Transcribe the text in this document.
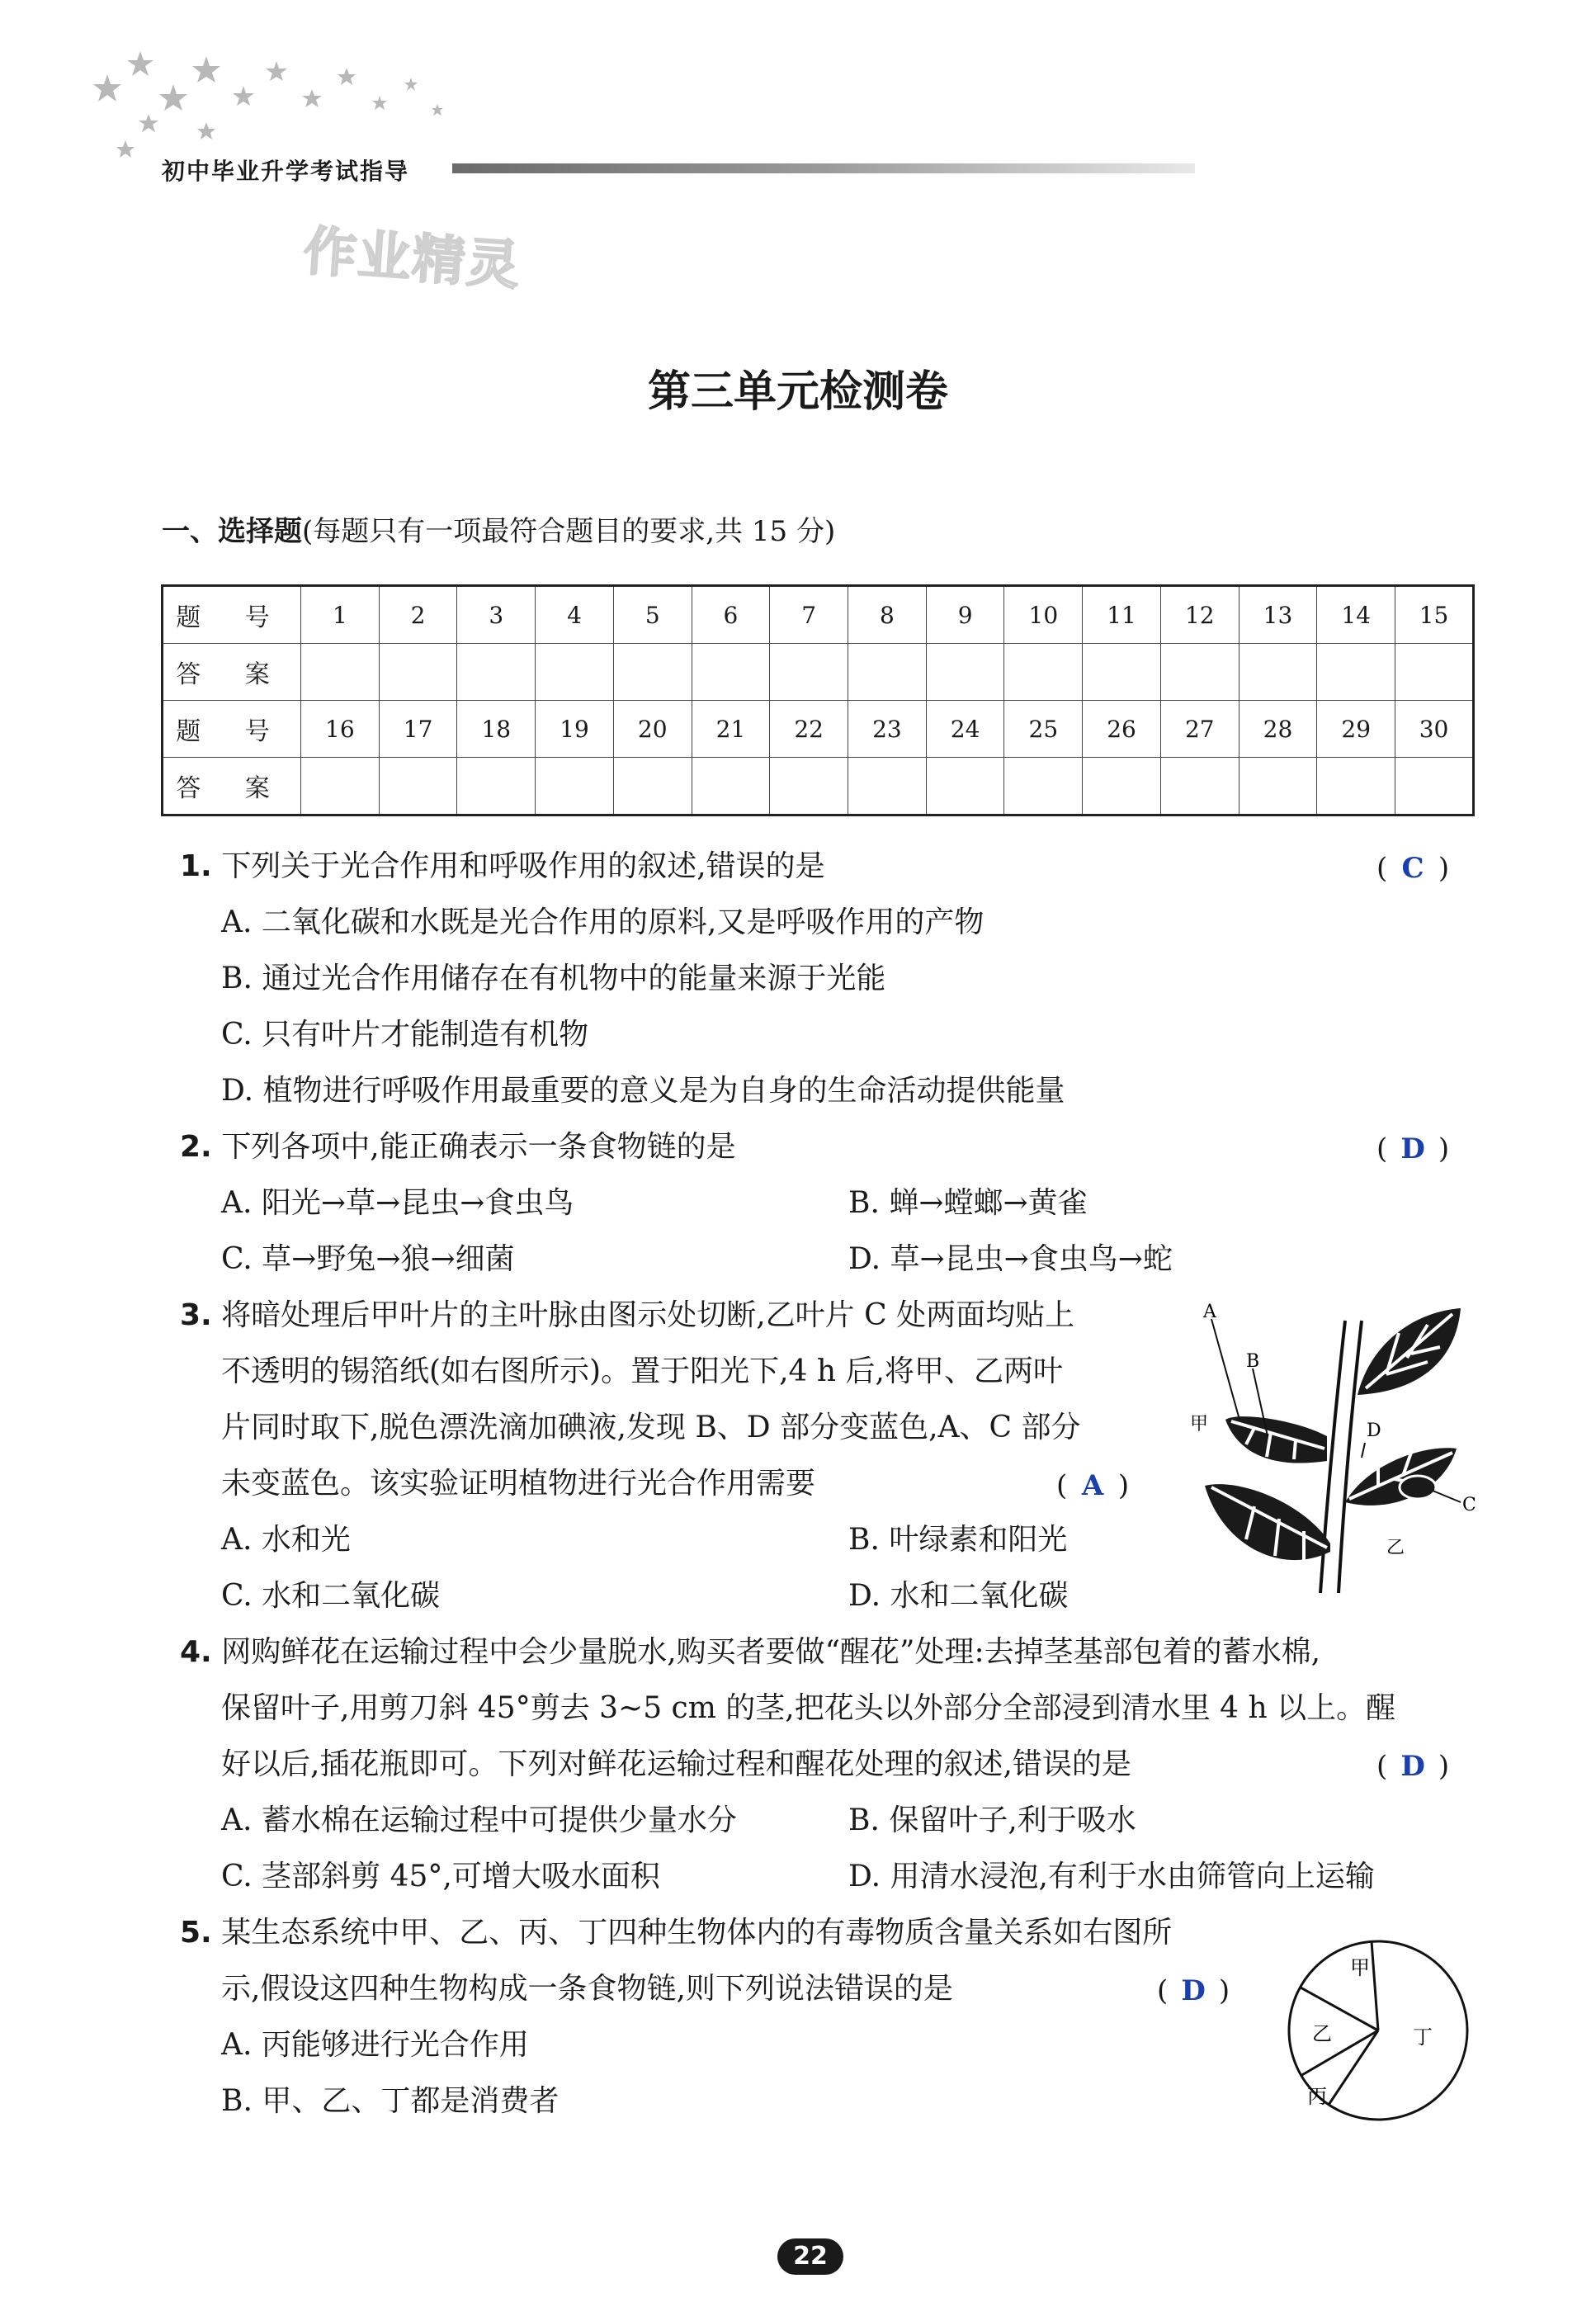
初中毕业升学考试指导
作业精灵
第三单元检测卷
一、选择题(每题只有一项最符合题目的要求,共 15 分)
题 号	1	2	3	4	5	6	7	8	9	10	11	12	13	14	15
答 案															
题 号	16	17	18	19	20	21	22	23	24	25	26	27	28	29	30
答 案															
1. 下列关于光合作用和呼吸作用的叙述,错误的是	( C )
A. 二氧化碳和水既是光合作用的原料,又是呼吸作用的产物
B. 通过光合作用储存在有机物中的能量来源于光能
C. 只有叶片才能制造有机物
D. 植物进行呼吸作用最重要的意义是为自身的生命活动提供能量
2. 下列各项中,能正确表示一条食物链的是	( D )
A. 阳光→草→昆虫→食虫鸟	B. 蝉→螳螂→黄雀
C. 草→野兔→狼→细菌	D. 草→昆虫→食虫鸟→蛇
3. 将暗处理后甲叶片的主叶脉由图示处切断,乙叶片 C 处两面均贴上
不透明的锡箔纸(如右图所示)。置于阳光下,4 h 后,将甲、乙两叶
片同时取下,脱色漂洗滴加碘液,发现 B、D 部分变蓝色,A、C 部分
未变蓝色。该实验证明植物进行光合作用需要	( A )
A. 水和光	B. 叶绿素和阳光
C. 水和二氧化碳	D. 水和二氧化碳
A
B
甲	D
C
乙
4. 网购鲜花在运输过程中会少量脱水,购买者要做“醒花”处理:去掉茎基部包着的蓄水棉,
保留叶子,用剪刀斜 45°剪去 3~5 cm 的茎,把花头以外部分全部浸到清水里 4 h 以上。醒
好以后,插花瓶即可。下列对鲜花运输过程和醒花处理的叙述,错误的是	( D )
A. 蓄水棉在运输过程中可提供少量水分	B. 保留叶子,利于吸水
C. 茎部斜剪 45°,可增大吸水面积	D. 用清水浸泡,有利于水由筛管向上运输
5. 某生态系统中甲、乙、丙、丁四种生物体内的有毒物质含量关系如右图所
示,假设这四种生物构成一条食物链,则下列说法错误的是	( D )
A. 丙能够进行光合作用
B. 甲、乙、丁都是消费者
甲
乙	丁
丙
22
